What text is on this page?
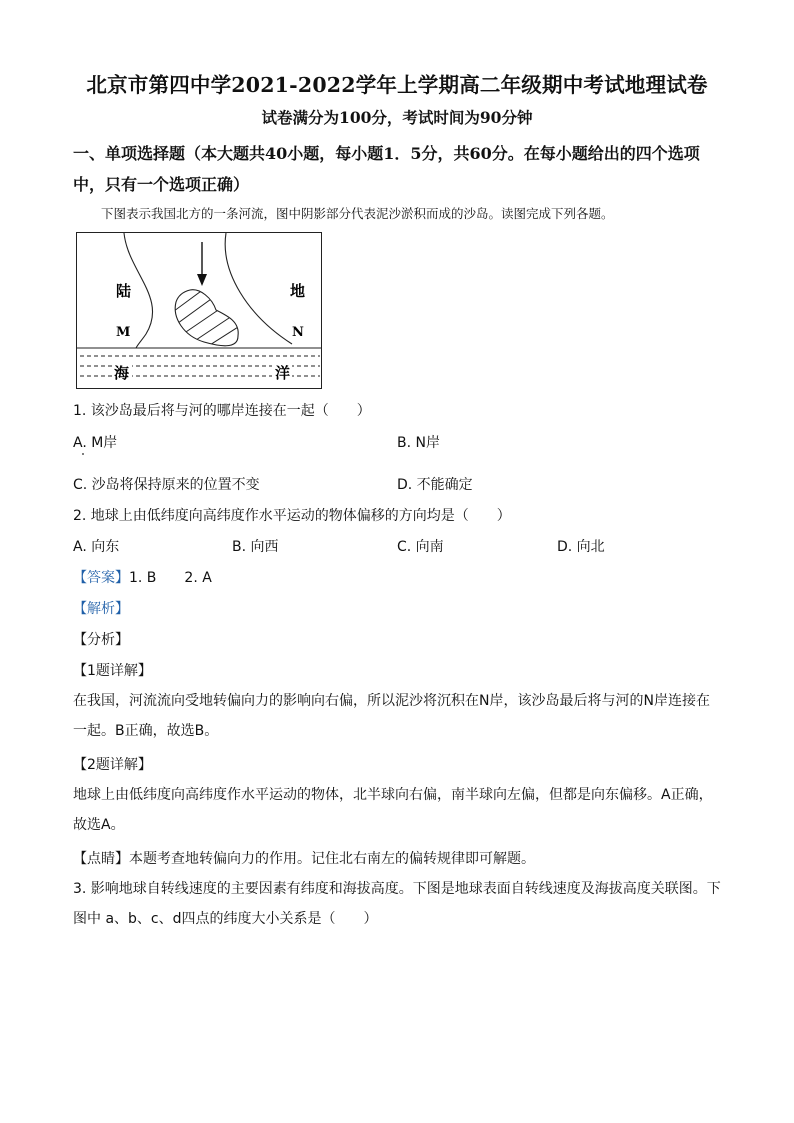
北京市第四中学2021-2022学年上学期高二年级期中考试地理试卷
试卷满分为100分，考试时间为90分钟
一、单项选择题（本大题共40小题，每小题1．5分，共60分。在每小题给出的四个选项中，只有一个选项正确）
下图表示我国北方的一条河流，图中阴影部分代表泥沙淤积而成的沙岛。读图完成下列各题。
陆	地
M	N
海	洋
1. 该沙岛最后将与河的哪岸连接在一起（　　）
A. M岸	B. N岸
C. 沙岛将保持原来的位置不变	D. 不能确定
2. 地球上由低纬度向高纬度作水平运动的物体偏移的方向均是（　　）
A. 向东	B. 向西	C. 向南	D. 向北
【答案】1. B　　2. A
【解析】
【分析】
【1题详解】
在我国，河流流向受地转偏向力的影响向右偏，所以泥沙将沉积在N岸，该沙岛最后将与河的N岸连接在一起。B正确，故选B。
【2题详解】
地球上由低纬度向高纬度作水平运动的物体，北半球向右偏，南半球向左偏，但都是向东偏移。A正确，故选A。
【点睛】本题考查地转偏向力的作用。记住北右南左的偏转规律即可解题。
3. 影响地球自转线速度的主要因素有纬度和海拔高度。下图是地球表面自转线速度及海拔高度关联图。下图中 a、b、c、d四点的纬度大小关系是（　　）
